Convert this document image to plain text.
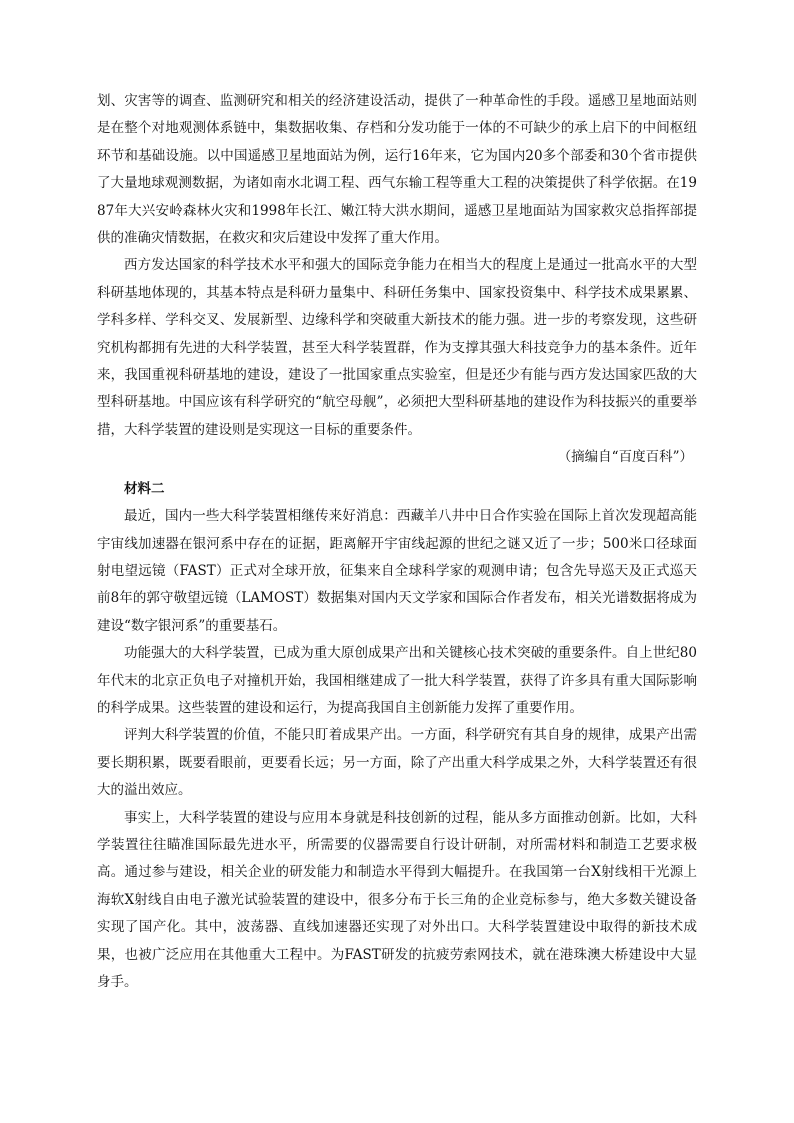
划、灾害等的调查、监测研究和相关的经济建设活动，提供了一种革命性的手段。遥感卫星地面站则是在整个对地观测体系链中，集数据收集、存档和分发功能于一体的不可缺少的承上启下的中间枢纽环节和基础设施。以中国遥感卫星地面站为例，运行16年来，它为国内20多个部委和30个省市提供了大量地球观测数据，为诸如南水北调工程、西气东输工程等重大工程的决策提供了科学依据。在1987年大兴安岭森林火灾和1998年长江、嫩江特大洪水期间，遥感卫星地面站为国家救灾总指挥部提供的准确灾情数据，在救灾和灾后建设中发挥了重大作用。

西方发达国家的科学技术水平和强大的国际竞争能力在相当大的程度上是通过一批高水平的大型科研基地体现的，其基本特点是科研力量集中、科研任务集中、国家投资集中、科学技术成果累累、学科多样、学科交叉、发展新型、边缘科学和突破重大新技术的能力强。进一步的考察发现，这些研究机构都拥有先进的大科学装置，甚至大科学装置群，作为支撑其强大科技竞争力的基本条件。近年来，我国重视科研基地的建设，建设了一批国家重点实验室，但是还少有能与西方发达国家匹敌的大型科研基地。中国应该有科学研究的“航空母舰”，必须把大型科研基地的建设作为科技振兴的重要举措，大科学装置的建设则是实现这一目标的重要条件。

（摘编自“百度百科”）

材料二

最近，国内一些大科学装置相继传来好消息：西藏羊八井中日合作实验在国际上首次发现超高能宇宙线加速器在银河系中存在的证据，距离解开宇宙线起源的世纪之谜又近了一步；500米口径球面射电望远镜（FAST）正式对全球开放，征集来自全球科学家的观测申请；包含先导巡天及正式巡天前8年的郭守敬望远镜（LAMOST）数据集对国内天文学家和国际合作者发布，相关光谱数据将成为建设“数字银河系”的重要基石。

功能强大的大科学装置，已成为重大原创成果产出和关键核心技术突破的重要条件。自上世纪80年代末的北京正负电子对撞机开始，我国相继建成了一批大科学装置，获得了许多具有重大国际影响的科学成果。这些装置的建设和运行，为提高我国自主创新能力发挥了重要作用。

评判大科学装置的价值，不能只盯着成果产出。一方面，科学研究有其自身的规律，成果产出需要长期积累，既要看眼前，更要看长远；另一方面，除了产出重大科学成果之外，大科学装置还有很大的溢出效应。

事实上，大科学装置的建设与应用本身就是科技创新的过程，能从多方面推动创新。比如，大科学装置往往瞄准国际最先进水平，所需要的仪器需要自行设计研制，对所需材料和制造工艺要求极高。通过参与建设，相关企业的研发能力和制造水平得到大幅提升。在我国第一台X射线相干光源上海软X射线自由电子激光试验装置的建设中，很多分布于长三角的企业竞标参与，绝大多数关键设备实现了国产化。其中，波荡器、直线加速器还实现了对外出口。大科学装置建设中取得的新技术成果，也被广泛应用在其他重大工程中。为FAST研发的抗疲劳索网技术，就在港珠澳大桥建设中大显身手。
